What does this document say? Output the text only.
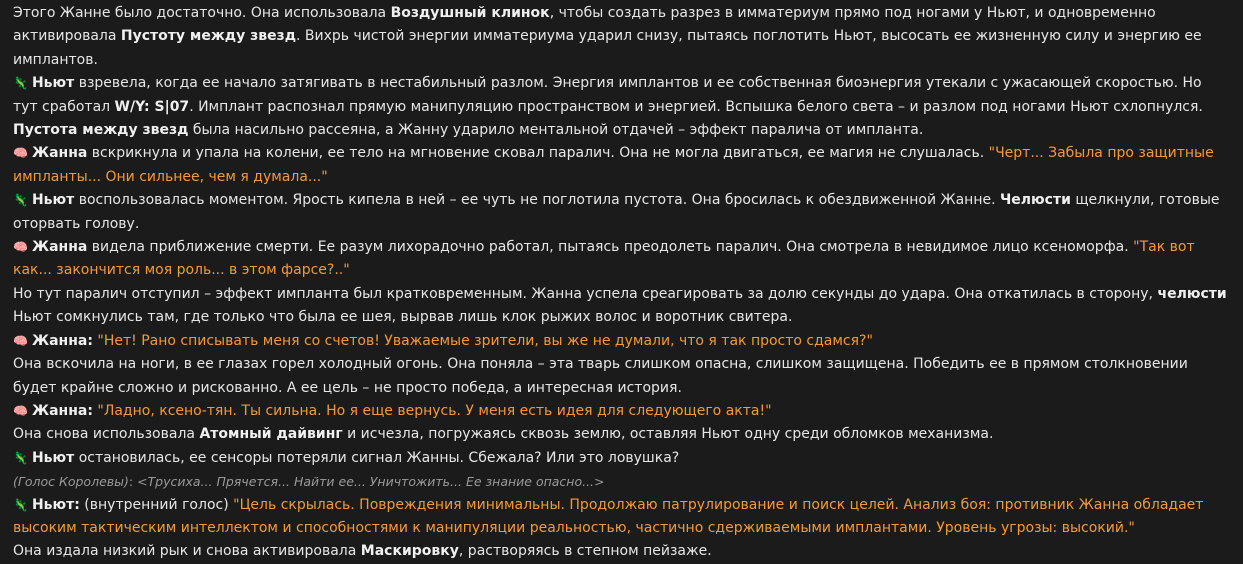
Этого Жанне было достаточно. Она использовала Воздушный клинок, чтобы создать разрез в имматериум прямо под ногами у Ньют, и одновременно активировала Пустоту между звезд. Вихрь чистой энергии имматериума ударил снизу, пытаясь поглотить Ньют, высосать ее жизненную силу и энергию ее имплантов.
🦎 Ньют взревела, когда ее начало затягивать в нестабильный разлом. Энергия имплантов и ее собственная биоэнергия утекали с ужасающей скоростью. Но тут сработал W/Y: S|07. Имплант распознал прямую манипуляцию пространством и энергией. Вспышка белого света – и разлом под ногами Ньют схлопнулся. Пустота между звезд была насильно рассеяна, а Жанну ударило ментальной отдачей – эффект паралича от импланта.
🧠 Жанна вскрикнула и упала на колени, ее тело на мгновение сковал паралич. Она не могла двигаться, ее магия не слушалась. "Черт... Забыла про защитные импланты... Они сильнее, чем я думала..."
🦎 Ньют воспользовалась моментом. Ярость кипела в ней – ее чуть не поглотила пустота. Она бросилась к обездвиженной Жанне. Челюсти щелкнули, готовые оторвать голову.
🧠 Жанна видела приближение смерти. Ее разум лихорадочно работал, пытаясь преодолеть паралич. Она смотрела в невидимое лицо ксеноморфа. "Так вот как... закончится моя роль... в этом фарсе?.."
Но тут паралич отступил – эффект импланта был кратковременным. Жанна успела среагировать за долю секунды до удара. Она откатилась в сторону, челюсти Ньют сомкнулись там, где только что была ее шея, вырвав лишь клок рыжих волос и воротник свитера.
🧠 Жанна: "Нет! Рано списывать меня со счетов! Уважаемые зрители, вы же не думали, что я так просто сдамся?"
Она вскочила на ноги, в ее глазах горел холодный огонь. Она поняла – эта тварь слишком опасна, слишком защищена. Победить ее в прямом столкновении будет крайне сложно и рискованно. А ее цель – не просто победа, а интересная история.
🧠 Жанна: "Ладно, ксено-тян. Ты сильна. Но я еще вернусь. У меня есть идея для следующего акта!"
Она снова использовала Атомный дайвинг и исчезла, погружаясь сквозь землю, оставляя Ньют одну среди обломков механизма.
🦎 Ньют остановилась, ее сенсоры потеряли сигнал Жанны. Сбежала? Или это ловушка?
(Голос Королевы): <Трусиха... Прячется... Найти ее... Уничтожить... Ее знание опасно...>
🦎 Ньют: (внутренний голос) "Цель скрылась. Повреждения минимальны. Продолжаю патрулирование и поиск целей. Анализ боя: противник Жанна обладает высоким тактическим интеллектом и способностями к манипуляции реальностью, частично сдерживаемыми имплантами. Уровень угрозы: высокий."
Она издала низкий рык и снова активировала Маскировку, растворяясь в степном пейзаже.
